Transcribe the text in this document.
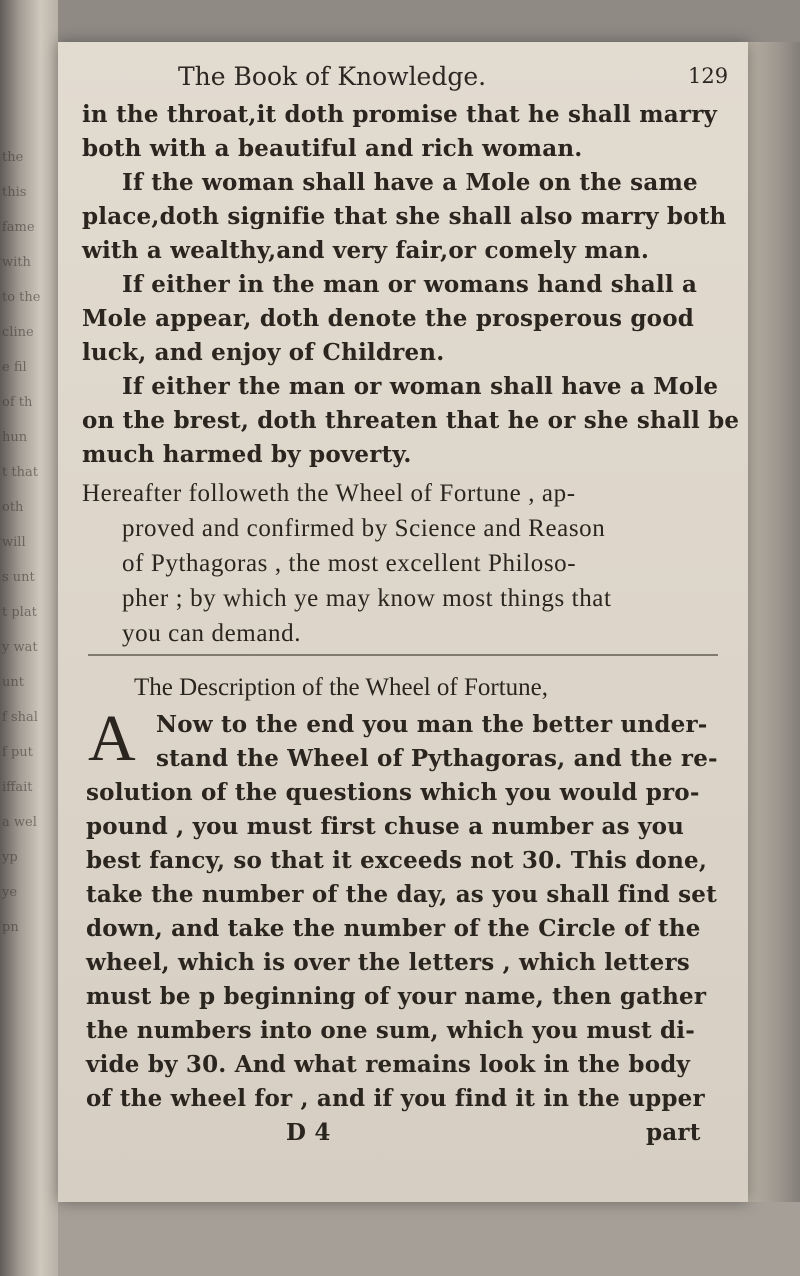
the
this
fame
with
to the
cline
e fil
of th
hun
t that
oth
will
s unt
t plat
y wat
unt
f shal
f put
iffait
a wel
yp
ye
pn
The Book of Knowledge.	129
in the throat,it doth promise that he shall marry
both with a beautiful and rich woman.
If the woman shall have a Mole on the same
place,doth signifie that she shall also marry both
with a wealthy,and very fair,or comely man.
If either in the man or womans hand shall a
Mole appear, doth denote the prosperous good
luck, and enjoy of Children.
If either the man or woman shall have a Mole
on the brest, doth threaten that he or she shall be
much harmed by poverty.
Hereafter followeth the Wheel of Fortune , ap-
proved and confirmed by Science and Reason
of Pythagoras , the most excellent Philoso-
pher ; by which ye may know most things that
you can demand.
The Description of the Wheel of Fortune,
A Now to the end you man the better under-
stand the Wheel of Pythagoras, and the re-
solution of the questions which you would pro-
pound , you must first chuse a number as you
best fancy, so that it exceeds not 30. This done,
take the number of the day, as you shall find set
down, and take the number of the Circle of the
wheel, which is over the letters , which letters
must be p beginning of your name, then gather
the numbers into one sum, which you must di-
vide by 30. And what remains look in the body
of the wheel for , and if you find it in the upper
D 4	part
